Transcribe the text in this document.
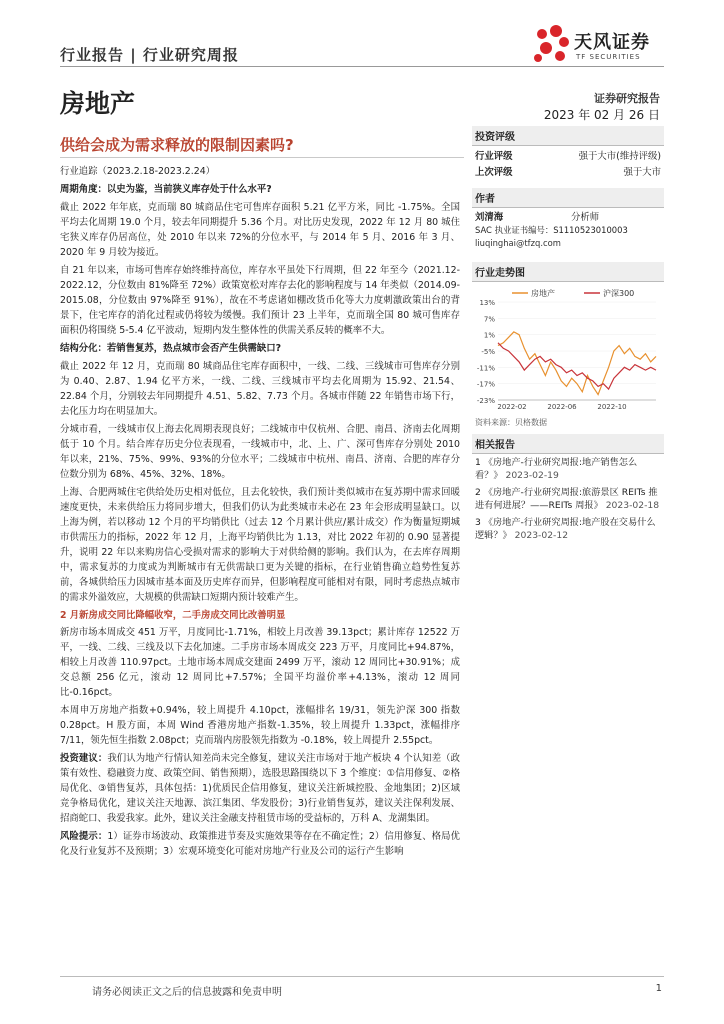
行业报告 | 行业研究周报
天风证券
TF SECURITIES
房地产	证券研究报告
2023 年 02 月 26 日
供给会成为需求释放的限制因素吗?

行业追踪（2023.2.18-2023.2.24）

周期角度：以史为鉴，当前狭义库存处于什么水平?

截止 2022 年年底，克而瑞 80 城商品住宅可售库存面积 5.21 亿平方米，同比 -1.75%。全国平均去化周期 19.0 个月，较去年同期提升 5.36 个月。对比历史发现，2022 年 12 月 80 城住宅狭义库存仍居高位，处 2010 年以来 72%的分位水平，与 2014 年 5 月、2016 年 3 月、2020 年 9 月较为接近。

自 21 年以来，市场可售库存始终维持高位，库存水平虽处下行周期，但 22 年至今（2021.12-2022.12，分位数由 81%降至 72%）政策宽松对库存去化的影响程度与 14 年类似（2014.09-2015.08，分位数由 97%降至 91%），故在不考虑诸如棚改货币化等大力度刺激政策出台的背景下，住宅库存的消化过程或仍将较为缓慢。我们预计 23 上半年，克而瑞全国 80 城可售库存面积仍将围绕 5-5.4 亿平波动，短期内发生整体性的供需关系反转的概率不大。

结构分化：若销售复苏，热点城市会否产生供需缺口?

截止 2022 年 12 月，克而瑞 80 城商品住宅库存面积中，一线、二线、三线城市可售库存分别为 0.40、2.87、1.94 亿平方米，一线、二线、三线城市平均去化周期为 15.92、21.54、22.84 个月，分别较去年同期提升 4.51、5.82、7.73 个月。各城市伴随 22 年销售市场下行，去化压力均在明显加大。

分城市看，一线城市仅上海去化周期表现良好；二线城市中仅杭州、合肥、南昌、济南去化周期低于 10 个月。结合库存历史分位表现看，一线城市中，北、上、广、深可售库存分别处 2010 年以来，21%、75%、99%、93%的分位水平；二线城市中杭州、南昌、济南、合肥的库存分位数分别为 68%、45%、32%、18%。

上海、合肥两城住宅供给处历史相对低位，且去化较快，我们预计类似城市在复苏期中需求回暖速度更快，未来供给压力将同步增大，但我们仍认为此类城市未必在 23 年会形成明显缺口。以上海为例，若以移动 12 个月的平均销供比（过去 12 个月累计供应/累计成交）作为衡量短期城市供需压力的指标，2022 年 12 月，上海平均销供比为 1.13，对比 2022 年初的 0.90 显著提升，说明 22 年以来购房信心受损对需求的影响大于对供给侧的影响。我们认为，在去库存周期中，需求复苏的力度或为判断城市有无供需缺口更为关键的指标，在行业销售确立趋势性复苏前，各城供给压力因城市基本面及历史库存而异，但影响程度可能相对有限，同时考虑热点城市的需求外溢效应，大规模的供需缺口短期内预计较难产生。

2 月新房成交同比降幅收窄，二手房成交同比改善明显

新房市场本周成交 451 万平，月度同比-1.71%，相较上月改善 39.13pct；累计库存 12522 万平，一线、二线、三线及以下去化加速。二手房市场本周成交 223 万平，月度同比+94.87%，相较上月改善 110.97pct。土地市场本周成交建面 2499 万平，滚动 12 周同比+30.91%；成交总额 256 亿元，滚动 12 周同比+7.57%；全国平均溢价率+4.13%，滚动 12 周同比-0.16pct。

本周申万房地产指数+0.94%，较上周提升 4.10pct，涨幅排名 19/31，领先沪深 300 指数 0.28pct。H 股方面，本周 Wind 香港房地产指数-1.35%，较上周提升 1.33pct，涨幅排序 7/11，领先恒生指数 2.08pct；克而瑞内房股领先指数为 -0.18%，较上周提升 2.55pct。

投资建议：我们认为地产行情认知差尚未完全修复，建议关注市场对于地产板块 4 个认知差（政策有效性、稳融资力度、政策空间、销售预期），选股思路围绕以下 3 个维度：①信用修复、②格局优化、③销售复苏，具体包括：1)优质民企信用修复，建议关注新城控股、金地集团；2)区域竞争格局优化，建议关注天地源、滨江集团、华发股份；3)行业销售复苏，建议关注保利发展、招商蛇口、我爱我家。此外，建议关注金融支持租赁市场的受益标的，万科 A、龙湖集团。

风险提示：1）证券市场波动、政策推进节奏及实施效果等存在不确定性；2）信用修复、格局优化及行业复苏不及预期；3）宏观环境变化可能对房地产行业及公司的运行产生影响

投资评级
行业评级	强于大市(维持评级)
上次评级	强于大市
作者
刘清海	分析师
SAC 执业证书编号：S1110523010003
liuqinghai@tfzq.com
行业走势图
房地产	沪深300
13%
7%
1%
-5%
-11%
-17%
-23%
2022-02	2022-06	2022-10
资料来源：贝格数据
相关报告
1 《房地产-行业研究周报:地产销售怎么看？》 2023-02-19
2 《房地产-行业研究周报:旅游景区 REITs 推进有何进展？——REITs 周报》 2023-02-18
3 《房地产-行业研究周报:地产股在交易什么逻辑？》 2023-02-12
请务必阅读正文之后的信息披露和免责申明	1
